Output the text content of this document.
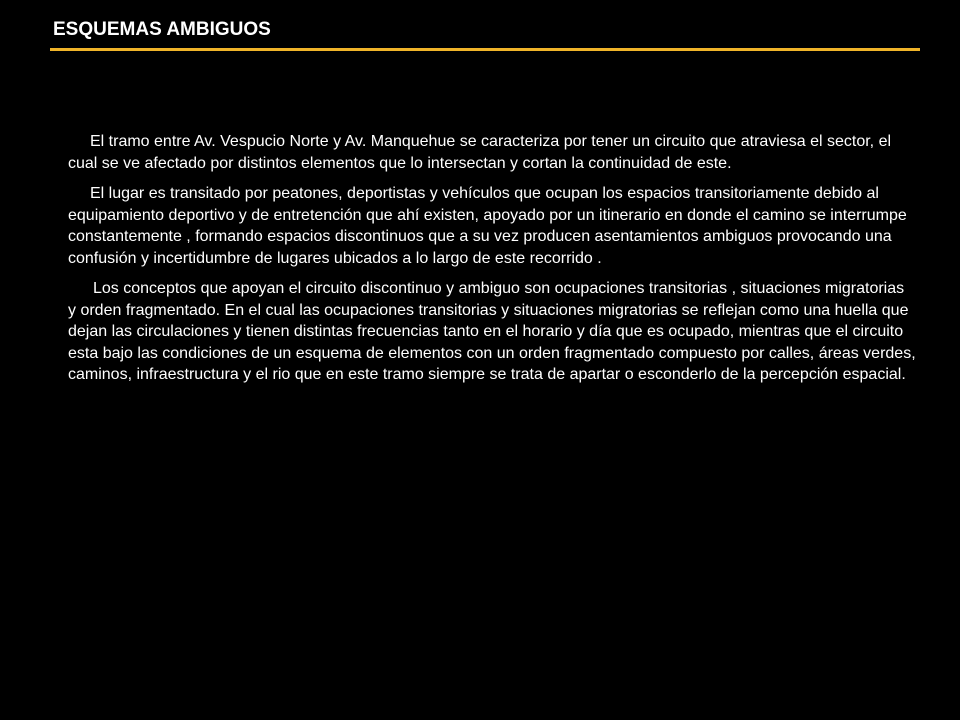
ESQUEMAS AMBIGUOS

El tramo entre Av. Vespucio Norte y Av. Manquehue se caracteriza por tener un circuito que atraviesa el sector, el cual se ve afectado por distintos elementos que lo intersectan y cortan la continuidad de este.

El lugar es transitado por peatones, deportistas y vehículos que ocupan los espacios transitoriamente debido al equipamiento deportivo y de entretención que ahí existen, apoyado por un itinerario en donde el camino se interrumpe constantemente , formando espacios discontinuos que a su vez producen asentamientos ambiguos provocando una confusión y incertidumbre de lugares ubicados a lo largo de este recorrido .

Los conceptos que apoyan el circuito discontinuo y ambiguo son ocupaciones transitorias , situaciones migratorias y orden fragmentado. En el cual las ocupaciones transitorias y situaciones migratorias se reflejan como una huella que dejan las circulaciones y tienen distintas frecuencias tanto en el horario y día que es ocupado, mientras que el circuito esta bajo las condiciones de un esquema de elementos con un orden fragmentado compuesto por calles, áreas verdes, caminos, infraestructura y el rio que en este tramo siempre se trata de apartar o esconderlo de la percepción espacial.
